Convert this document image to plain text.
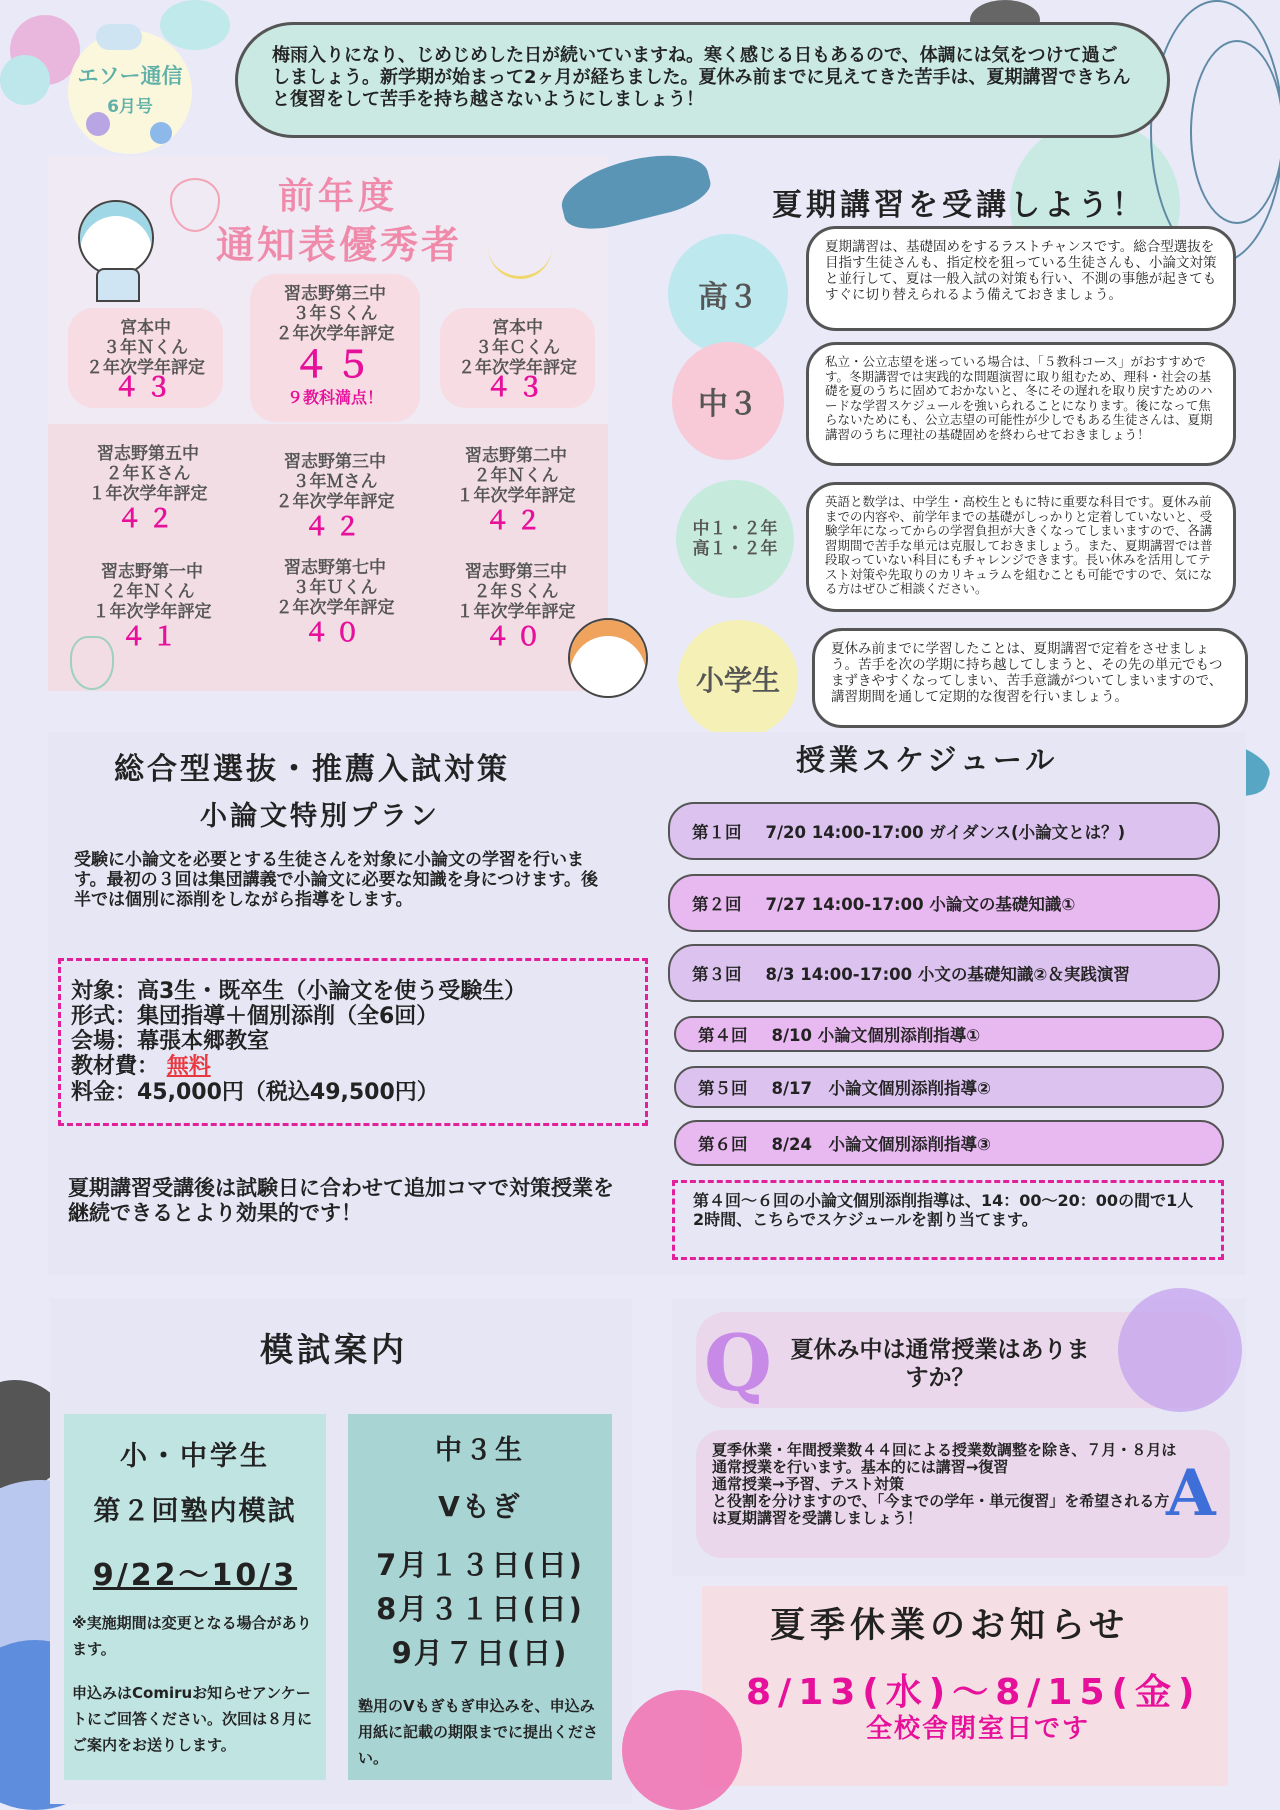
エソー通信
6月号
梅雨入りになり、じめじめした日が続いていますね。寒く感じる日もあるので、体調には気をつけて過ごしましょう。新学期が始まって2ヶ月が経ちました。夏休み前までに見えてきた苦手は、夏期講習できちんと復習をして苦手を持ち越さないようにしましょう！
前年度
通知表優秀者
宮本中
３年Ｎくん
２年次学年評定
４３
習志野第三中
３年Ｓくん
２年次学年評定
４５
９教科満点！
宮本中
３年Ｃくん
２年次学年評定
４３
習志野第五中
２年Ｋさん
１年次学年評定
４２
習志野第三中
３年Ｍさん
２年次学年評定
４２
習志野第二中
２年Ｎくん
１年次学年評定
４２
習志野第一中
２年Ｎくん
１年次学年評定
４１
習志野第七中
３年Ｕくん
２年次学年評定
４０
習志野第三中
２年Ｓくん
１年次学年評定
４０
夏期講習を受講しよう！
高３
夏期講習は、基礎固めをするラストチャンスです。総合型選抜を目指す生徒さんも、指定校を狙っている生徒さんも、小論文対策と並行して、夏は一般入試の対策も行い、不測の事態が起きてもすぐに切り替えられるよう備えておきましょう。
中３
私立・公立志望を迷っている場合は、「５教科コース」がおすすめです。冬期講習では実践的な問題演習に取り組むため、理科・社会の基礎を夏のうちに固めておかないと、冬にその遅れを取り戻すためのハードな学習スケジュールを強いられることになります。後になって焦らないためにも、公立志望の可能性が少しでもある生徒さんは、夏期講習のうちに理社の基礎固めを終わらせておきましょう！
中１・２年
高１・２年
英語と数学は、中学生・高校生ともに特に重要な科目です。夏休み前までの内容や、前学年までの基礎がしっかりと定着していないと、受験学年になってからの学習負担が大きくなってしまいますので、各講習期間で苦手な単元は克服しておきましょう。また、夏期講習では普段取っていない科目にもチャレンジできます。長い休みを活用してテスト対策や先取りのカリキュラムを組むことも可能ですので、気になる方はぜひご相談ください。
小学生
夏休み前までに学習したことは、夏期講習で定着をさせましょう。苦手を次の学期に持ち越してしまうと、その先の単元でもつまずきやすくなってしまい、苦手意識がついてしまいますので、講習期間を通して定期的な復習を行いましょう。
総合型選抜・推薦入試対策
小論文特別プラン
受験に小論文を必要とする生徒さんを対象に小論文の学習を行います。最初の３回は集団講義で小論文に必要な知識を身につけます。後半では個別に添削をしながら指導をします。
対象：高3生・既卒生（小論文を使う受験生）
形式：集団指導＋個別添削（全6回）
会場：幕張本郷教室
教材費： 無料
料金：45,000円（税込49,500円）
夏期講習受講後は試験日に合わせて追加コマで対策授業を継続できるとより効果的です！
授業スケジュール
第１回 7/20 14:00-17:00 ガイダンス(小論文とは？)
第２回 7/27 14:00-17:00 小論文の基礎知識①
第３回 8/3 14:00-17:00 小文の基礎知識②＆実践演習
第４回 8/10 小論文個別添削指導①
第５回 8/17　小論文個別添削指導②
第６回 8/24　小論文個別添削指導③
第４回～６回の小論文個別添削指導は、14：00～20：00の間で1人2時間、こちらでスケジュールを割り当てます。
模試案内
小・中学生
第２回塾内模試
9/22～10/3
※実施期間は変更となる場合があります。
申込みはComiruお知らせアンケートにご回答ください。次回は８月にご案内をお送りします。
中３生
Vもぎ
7月１３日(日)
8月３１日(日)
9月７日(日)
塾用のVもぎもぎ申込みを、申込み用紙に記載の期限までに提出ください。
Q 夏休み中は通常授業はありますか？
夏季休業・年間授業数４４回による授業数調整を除き、７月・８月は通常授業を行います。基本的には講習→復習
通常授業→予習、テスト対策
と役割を分けますので、「今までの学年・単元復習」を希望される方は夏期講習を受講しましょう！	A
夏季休業のお知らせ
8/13(水)～8/15(金)
全校舎閉室日です
